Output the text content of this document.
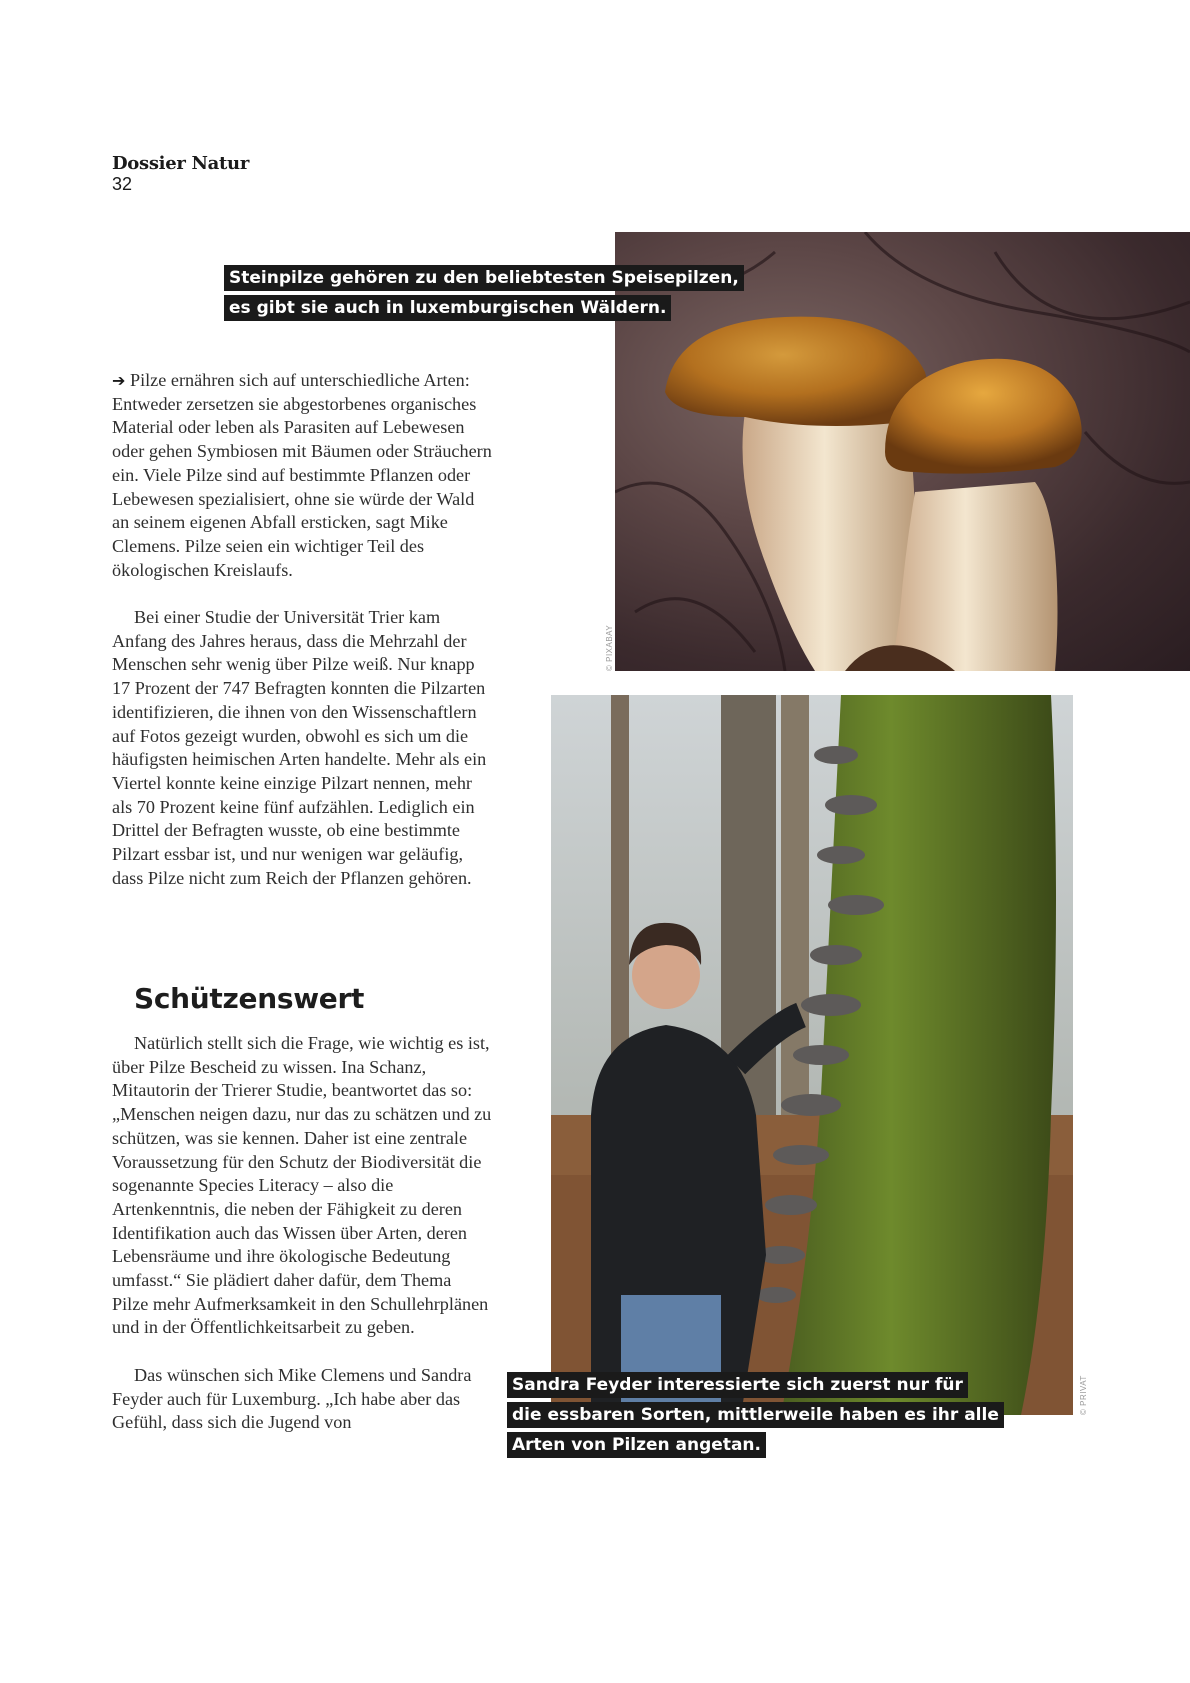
Dossier Natur
32
© PIXABAY
Steinpilze gehören zu den beliebtesten Speisepilzen,
es gibt sie auch in luxemburgischen Wäldern.
© PRIVAT
Sandra Feyder interessierte sich zuerst nur für
die essbaren Sorten, mittlerweile haben es ihr alle
Arten von Pilzen angetan.

➔ Pilze ernähren sich auf unterschiedliche Arten: Entweder zersetzen sie abgestorbenes organisches Material oder leben als Parasiten auf Lebewesen oder gehen Symbiosen mit Bäumen oder Sträuchern ein. Viele Pilze sind auf bestimmte Pflanzen oder Lebewesen spezialisiert, ohne sie würde der Wald an seinem eigenen Abfall ersticken, sagt Mike Clemens. Pilze seien ein wichtiger Teil des ökologischen Kreislaufs.

Bei einer Studie der Universität Trier kam Anfang des Jahres heraus, dass die Mehrzahl der Menschen sehr wenig über Pilze weiß. Nur knapp 17 Prozent der 747 Befragten konnten die Pilzarten identifizieren, die ihnen von den Wissenschaftlern auf Fotos gezeigt wurden, obwohl es sich um die häufigsten heimischen Arten handelte. Mehr als ein Viertel konnte keine einzige Pilzart nennen, mehr als 70 Prozent keine fünf aufzählen. Lediglich ein Drittel der Befragten wusste, ob eine bestimmte Pilzart essbar ist, und nur wenigen war geläufig, dass Pilze nicht zum Reich der Pflanzen gehören.

Schützenswert

Natürlich stellt sich die Frage, wie wichtig es ist, über Pilze Bescheid zu wissen. Ina Schanz, Mitautorin der Trierer Studie, beantwortet das so: „Menschen neigen dazu, nur das zu schätzen und zu schützen, was sie kennen. Daher ist eine zentrale Voraussetzung für den Schutz der Biodiversität die sogenannte Species Literacy – also die Artenkenntnis, die neben der Fähigkeit zu deren Identifikation auch das Wissen über Arten, deren Lebensräume und ihre ökologische Bedeutung umfasst.“ Sie plädiert daher dafür, dem Thema Pilze mehr Aufmerksamkeit in den Schullehrplänen und in der Öffentlichkeitsarbeit zu geben.

Das wünschen sich Mike Clemens und Sandra Feyder auch für Luxemburg. „Ich habe aber das Gefühl, dass sich die Jugend von
